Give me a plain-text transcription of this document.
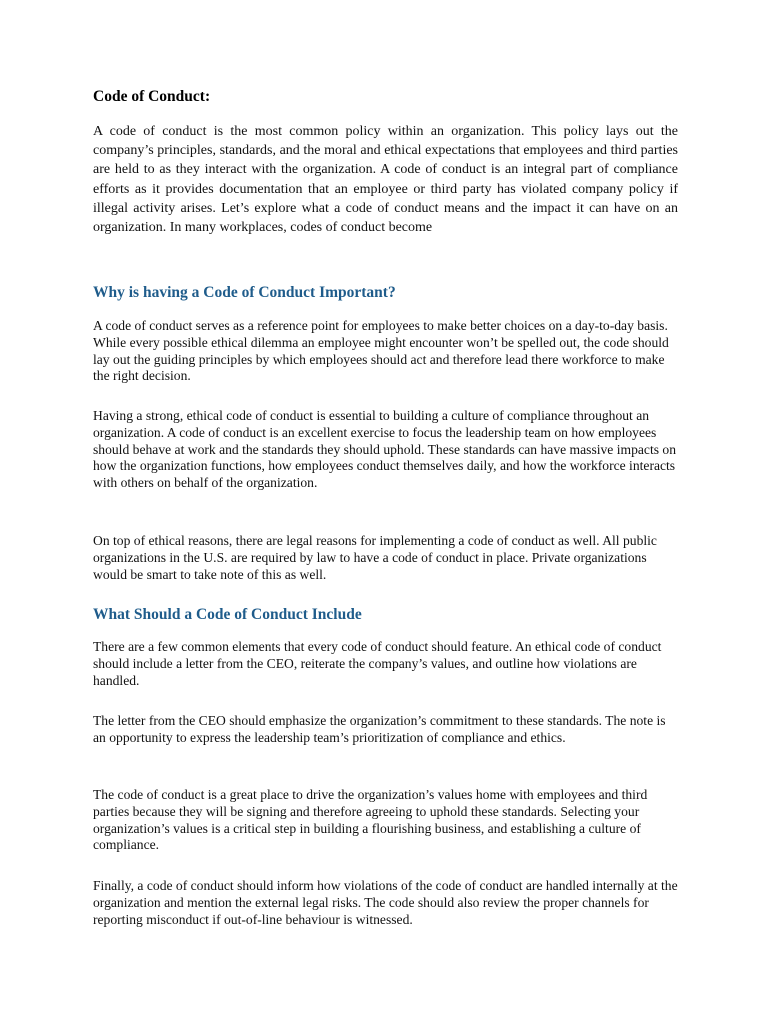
Code of Conduct:

A code of conduct is the most common policy within an organization. This policy lays out the company’s principles, standards, and the moral and ethical expectations that employees and third parties are held to as they interact with the organization. A code of conduct is an integral part of compliance efforts as it provides documentation that an employee or third party has violated company policy if illegal activity arises. Let’s explore what a code of conduct means and the impact it can have on an organization. In many workplaces, codes of conduct become

Why is having a Code of Conduct Important?

A code of conduct serves as a reference point for employees to make better choices on a day-to-day basis. While every possible ethical dilemma an employee might encounter won’t be spelled out, the code should lay out the guiding principles by which employees should act and therefore lead there workforce to make the right decision.

Having a strong, ethical code of conduct is essential to building a culture of compliance throughout an organization. A code of conduct is an excellent exercise to focus the leadership team on how employees should behave at work and the standards they should uphold. These standards can have massive impacts on how the organization functions, how employees conduct themselves daily, and how the workforce interacts with others on behalf of the organization.

On top of ethical reasons, there are legal reasons for implementing a code of conduct as well. All public organizations in the U.S. are required by law to have a code of conduct in place. Private organizations would be smart to take note of this as well.

What Should a Code of Conduct Include

There are a few common elements that every code of conduct should feature. An ethical code of conduct should include a letter from the CEO, reiterate the company’s values, and outline how violations are handled.

The letter from the CEO should emphasize the organization’s commitment to these standards. The note is an opportunity to express the leadership team’s prioritization of compliance and ethics.

The code of conduct is a great place to drive the organization’s values home with employees and third parties because they will be signing and therefore agreeing to uphold these standards. Selecting your organization’s values is a critical step in building a flourishing business, and establishing a culture of compliance.

Finally, a code of conduct should inform how violations of the code of conduct are handled internally at the organization and mention the external legal risks. The code should also review the proper channels for reporting misconduct if out-of-line behaviour is witnessed.
